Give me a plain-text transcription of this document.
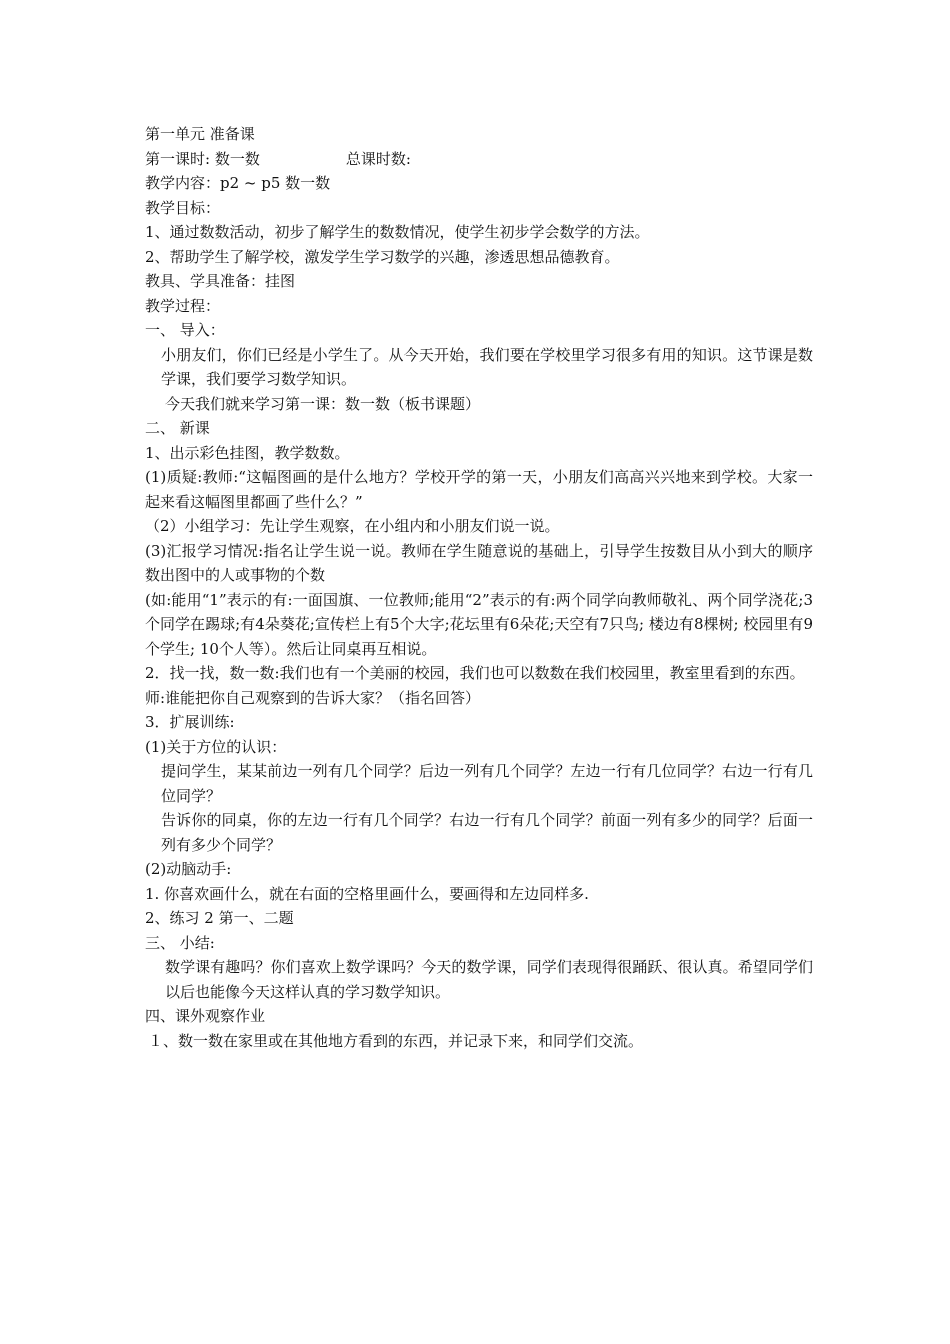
第一单元 准备课
第一课时: 数一数	总课时数:
教学内容：p2 ~ p5 数一数
教学目标：
1、通过数数活动，初步了解学生的数数情况，使学生初步学会数学的方法。
2、帮助学生了解学校，激发学生学习数学的兴趣，渗透思想品德教育。
教具、学具准备：挂图
教学过程：
一、 导入：
小朋友们，你们已经是小学生了。从今天开始，我们要在学校里学习很多有用的知识。这节课是数学课，我们要学习数学知识。
今天我们就来学习第一课：数一数（板书课题）
二、 新课
1、出示彩色挂图，教学数数。
(1)质疑:教师:“这幅图画的是什么地方？学校开学的第一天，小朋友们高高兴兴地来到学校。大家一起来看这幅图里都画了些什么？”
（2）小组学习：先让学生观察，在小组内和小朋友们说一说。
(3)汇报学习情况:指名让学生说一说。教师在学生随意说的基础上，引导学生按数目从小到大的顺序数出图中的人或事物的个数
(如:能用“1”表示的有:一面国旗、一位教师;能用“2”表示的有:两个同学向教师敬礼、两个同学浇花;3个同学在踢球;有4朵葵花;宣传栏上有5个大字;花坛里有6朵花;天空有7只鸟; 楼边有8棵树; 校园里有9个学生; 10个人等）。然后让同桌再互相说。
2．找一找，数一数:我们也有一个美丽的校园，我们也可以数数在我们校园里，教室里看到的东西。
师:谁能把你自己观察到的告诉大家？（指名回答）
3．扩展训练:
(1)关于方位的认识：
提问学生，某某前边一列有几个同学？后边一列有几个同学？左边一行有几位同学？右边一行有几位同学？
告诉你的同桌，你的左边一行有几个同学？右边一行有几个同学？前面一列有多少的同学？后面一列有多少个同学？
(2)动脑动手:
1. 你喜欢画什么，就在右面的空格里画什么，要画得和左边同样多.
2、练习 2 第一、二题
三、 小结:
数学课有趣吗？你们喜欢上数学课吗？今天的数学课，同学们表现得很踊跃、很认真。希望同学们以后也能像今天这样认真的学习数学知识。
四、课外观察作业
１、数一数在家里或在其他地方看到的东西，并记录下来，和同学们交流。
